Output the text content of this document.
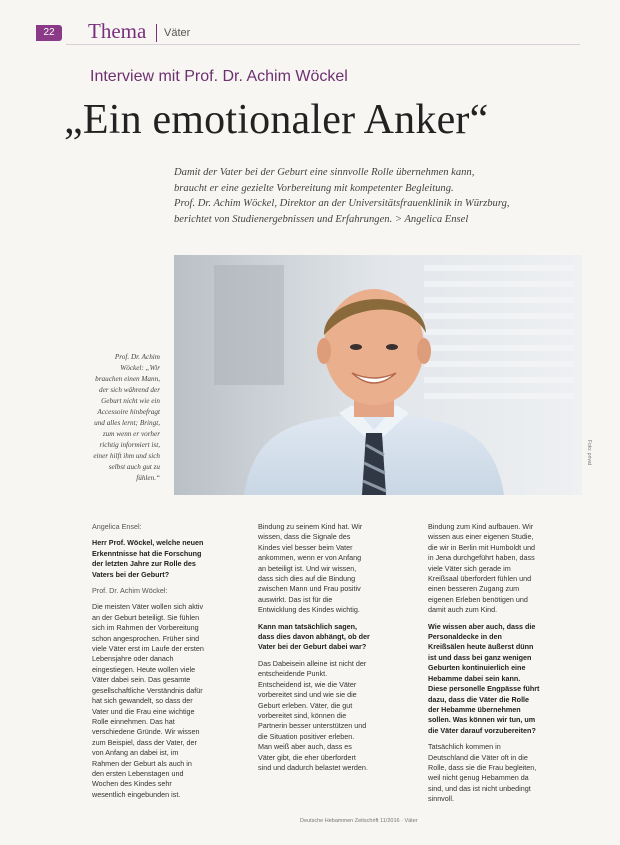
22	Thema Väter
Interview mit Prof. Dr. Achim Wöckel
„Ein emotionaler Anker“

Damit der Vater bei der Geburt eine sinnvolle Rolle übernehmen kann,

braucht er eine gezielte Vorbereitung mit kompetenter Begleitung.

Prof. Dr. Achim Wöckel, Direktor an der Universitätsfrauenklinik in Würzburg,

berichtet von Studienergebnissen und Erfahrungen. > Angelica Ensel

Prof. Dr. Achim Wöckel: „Wir brauchen einen Mann, der sich während der Geburt nicht wie ein Accessoire hinbefragt und alles lernt; Bringt, zum wenn er vorher richtig informiert ist, einer hilft ihm und sich selbst auch gut zu fühlen.“
Foto: privat

Angelica Ensel:

Herr Prof. Wöckel, welche neuen Erkenntnisse hat die Forschung der letzten Jahre zur Rolle des Vaters bei der Geburt?

Prof. Dr. Achim Wöckel:

Die meisten Väter wollen sich aktiv an der Geburt beteiligt. Sie fühlen sich im Rahmen der Vorbereitung schon angesprochen. Früher sind viele Väter erst im Laufe der ersten Lebensjahre oder danach eingestiegen. Heute wollen viele Väter dabei sein. Das gesamte gesellschaftliche Verständnis dafür hat sich gewandelt, so dass der Vater und die Frau eine wichtige Rolle einnehmen. Das hat verschiedene Gründe. Wir wissen zum Beispiel, dass der Vater, der von Anfang an dabei ist, im Rahmen der Geburt als auch in den ersten Lebenstagen und Wochen des Kindes sehr wesentlich eingebunden ist.

Bindung zu seinem Kind hat. Wir wissen, dass die Signale des Kindes viel besser beim Vater ankommen, wenn er von Anfang an beteiligt ist. Und wir wissen, dass sich dies auf die Bindung zwischen Mann und Frau positiv auswirkt. Das ist für die Entwicklung des Kindes wichtig.

Kann man tatsächlich sagen, dass dies davon abhängt, ob der Vater bei der Geburt dabei war?

Das Dabeisein alleine ist nicht der entscheidende Punkt. Entscheidend ist, wie die Väter vorbereitet sind und wie sie die Geburt erleben. Väter, die gut vorbereitet sind, können die Partnerin besser unterstützen und die Situation positiver erleben. Man weiß aber auch, dass es Väter gibt, die eher überfordert sind und dadurch belastet werden.

Bindung zum Kind aufbauen. Wir wissen aus einer eigenen Studie, die wir in Berlin mit Humboldt und in Jena durchgeführt haben, dass viele Väter sich gerade im Kreißsaal überfordert fühlen und einen besseren Zugang zum eigenen Erleben benötigen und damit auch zum Kind.

Wie wissen aber auch, dass die Personaldecke in den Kreißsälen heute äußerst dünn ist und dass bei ganz wenigen Geburten kontinuierlich eine Hebamme dabei sein kann. Diese personelle Engpässe führt dazu, dass die Väter die Rolle der Hebamme übernehmen sollen. Was können wir tun, um die Väter darauf vorzubereiten?

Tatsächlich kommen in Deutschland die Väter oft in die Rolle, dass sie die Frau begleiten, weil nicht genug Hebammen da sind, und das ist nicht unbedingt sinnvoll.

Deutsche Hebammen Zeitschrift 11/2016 · Väter
